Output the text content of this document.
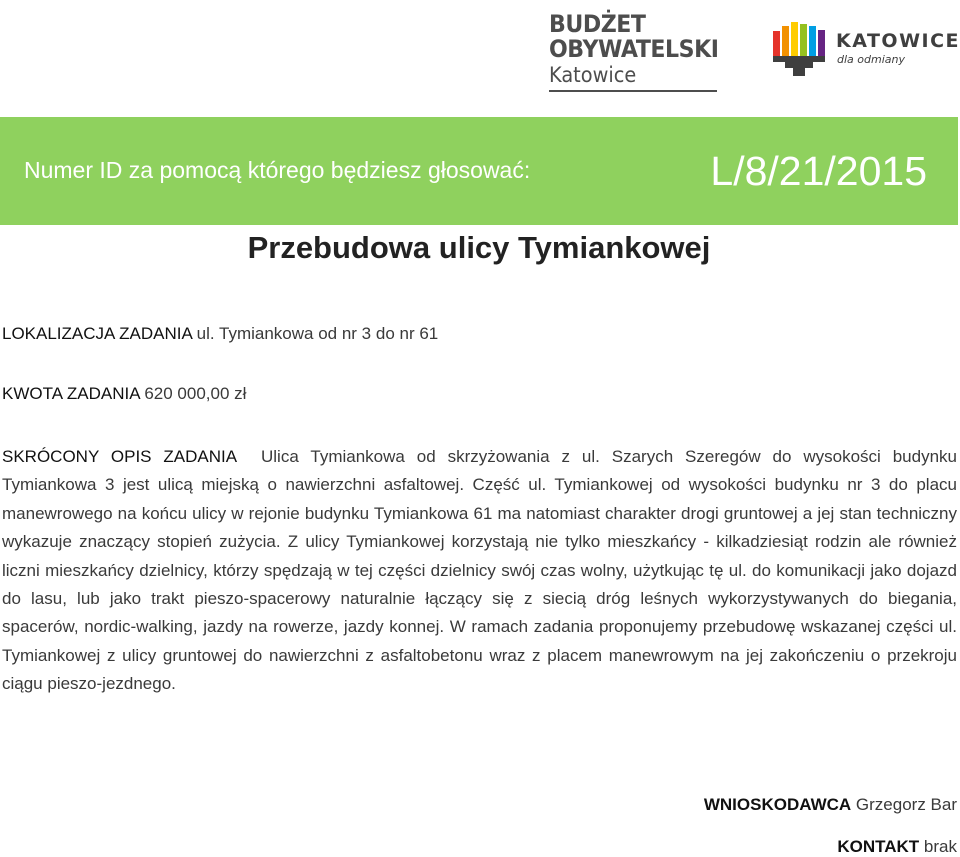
BUDŻET
OBYWATELSKI
Katowice
KATOWICE
dla odmiany
Numer ID za pomocą którego będziesz głosować:	L/8/21/2015
Przebudowa ulicy Tymiankowej
LOKALIZACJA ZADANIA ul. Tymiankowa od nr 3 do nr 61
KWOTA ZADANIA 620 000,00 zł

SKRÓCONY OPIS ZADANIA Ulica Tymiankowa od skrzyżowania z ul. Szarych Szeregów do wysokości budynku Tymiankowa 3 jest ulicą miejską o nawierzchni asfaltowej. Część ul. Tymiankowej od wysokości budynku nr 3 do placu manewrowego na końcu ulicy w rejonie budynku Tymiankowa 61 ma natomiast charakter drogi gruntowej a jej stan techniczny wykazuje znaczący stopień zużycia. Z ulicy Tymiankowej korzystają nie tylko mieszkańcy - kilkadziesiąt rodzin ale również liczni mieszkańcy dzielnicy, którzy spędzają w tej części dzielnicy swój czas wolny, użytkując tę ul. do komunikacji jako dojazd do lasu, lub jako trakt pieszo-spacerowy naturalnie łączący się z siecią dróg leśnych wykorzystywanych do biegania, spacerów, nordic-walking, jazdy na rowerze, jazdy konnej. W ramach zadania proponujemy przebudowę wskazanej części ul. Tymiankowej z ulicy gruntowej do nawierzchni z asfaltobetonu wraz z placem manewrowym na jej zakończeniu o przekroju ciągu pieszo-jezdnego.

WNIOSKODAWCA Grzegorz Bar
KONTAKT brak
